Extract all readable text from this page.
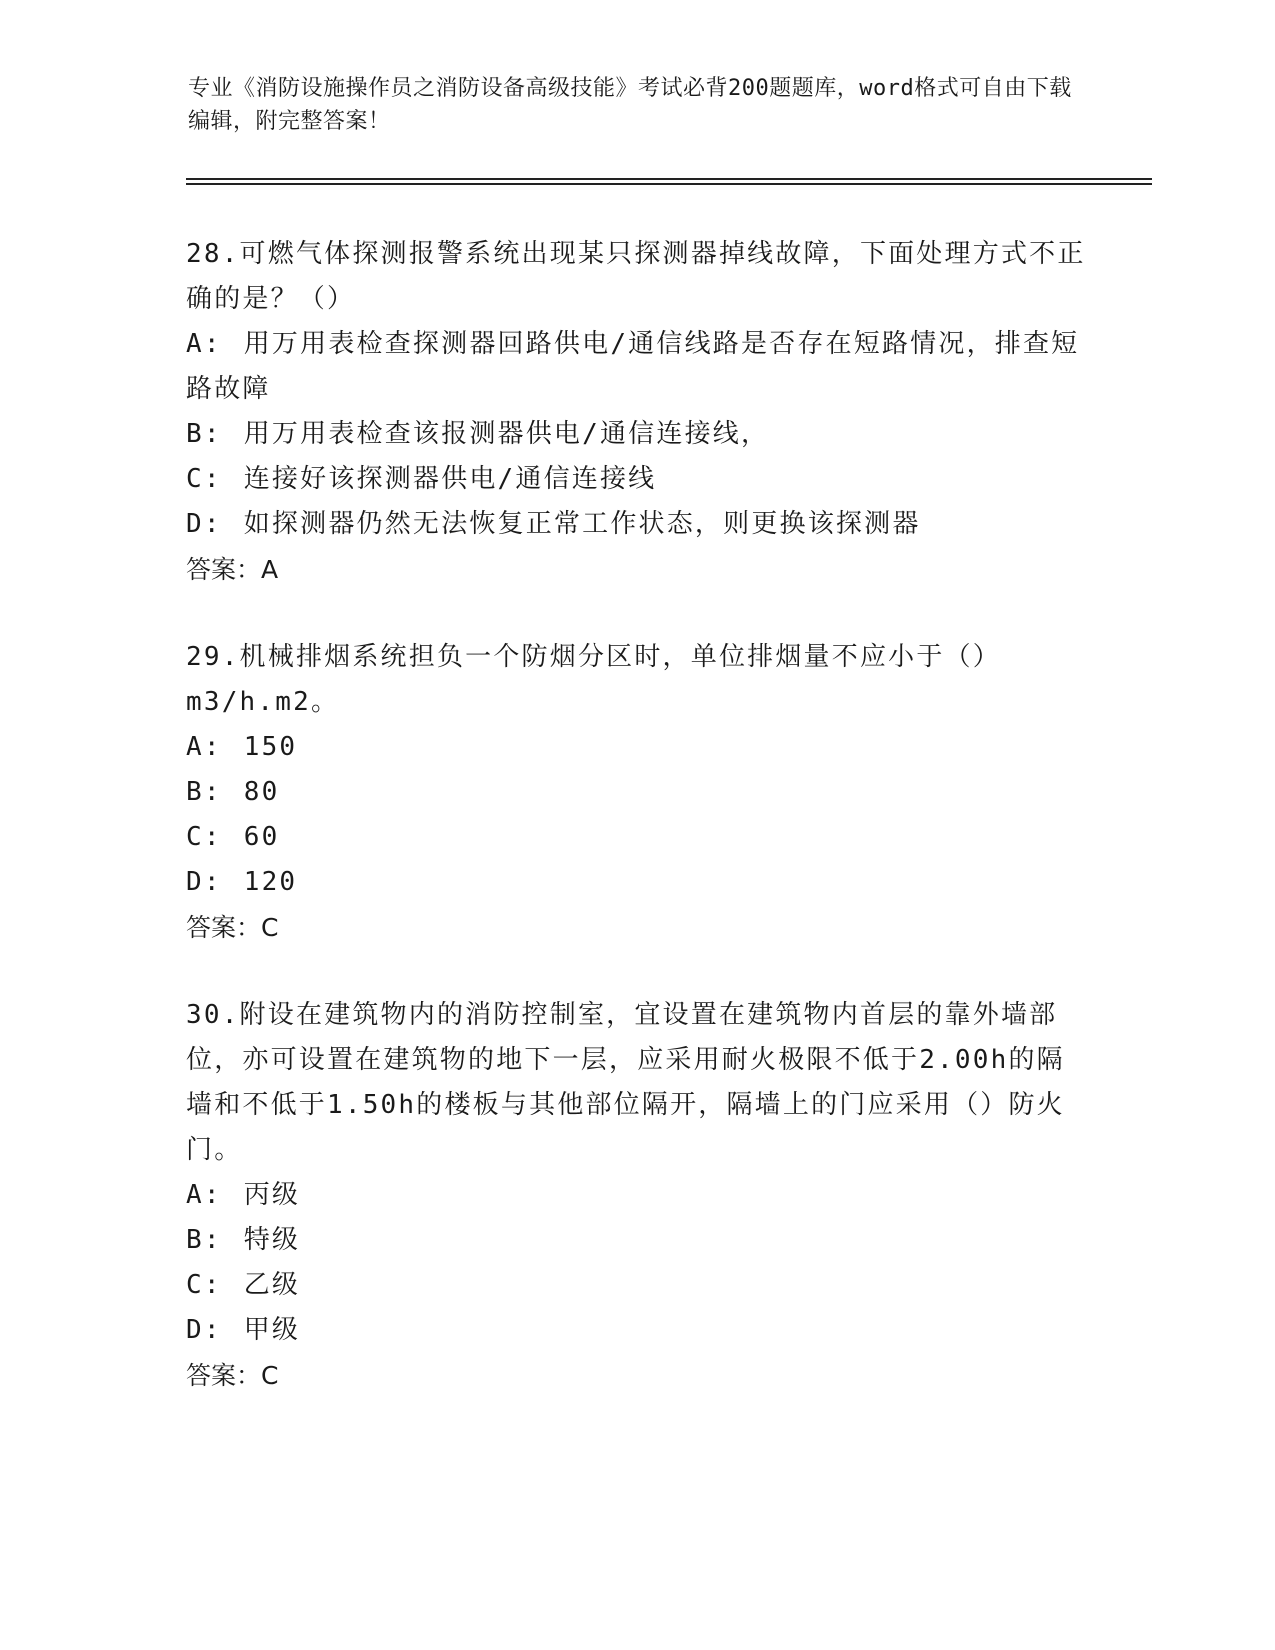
专业《消防设施操作员之消防设备高级技能》考试必背200题题库，word格式可自由下载编辑，附完整答案！

28.可燃气体探测报警系统出现某只探测器掉线故障，下面处理方式不正确的是？（）

A: 用万用表检查探测器回路供电/通信线路是否存在短路情况，排查短路故障

B: 用万用表检查该报测器供电/通信连接线，

C: 连接好该探测器供电/通信连接线

D: 如探测器仍然无法恢复正常工作状态，则更换该探测器

答案：A

29.机械排烟系统担负一个防烟分区时，单位排烟量不应小于（）m3/h.m2。

A: 150

B: 80

C: 60

D: 120

答案：C

30.附设在建筑物内的消防控制室，宜设置在建筑物内首层的靠外墙部位，亦可设置在建筑物的地下一层，应采用耐火极限不低于2.00h的隔墙和不低于1.50h的楼板与其他部位隔开，隔墙上的门应采用（）防火门。

A: 丙级

B: 特级

C: 乙级

D: 甲级

答案：C
